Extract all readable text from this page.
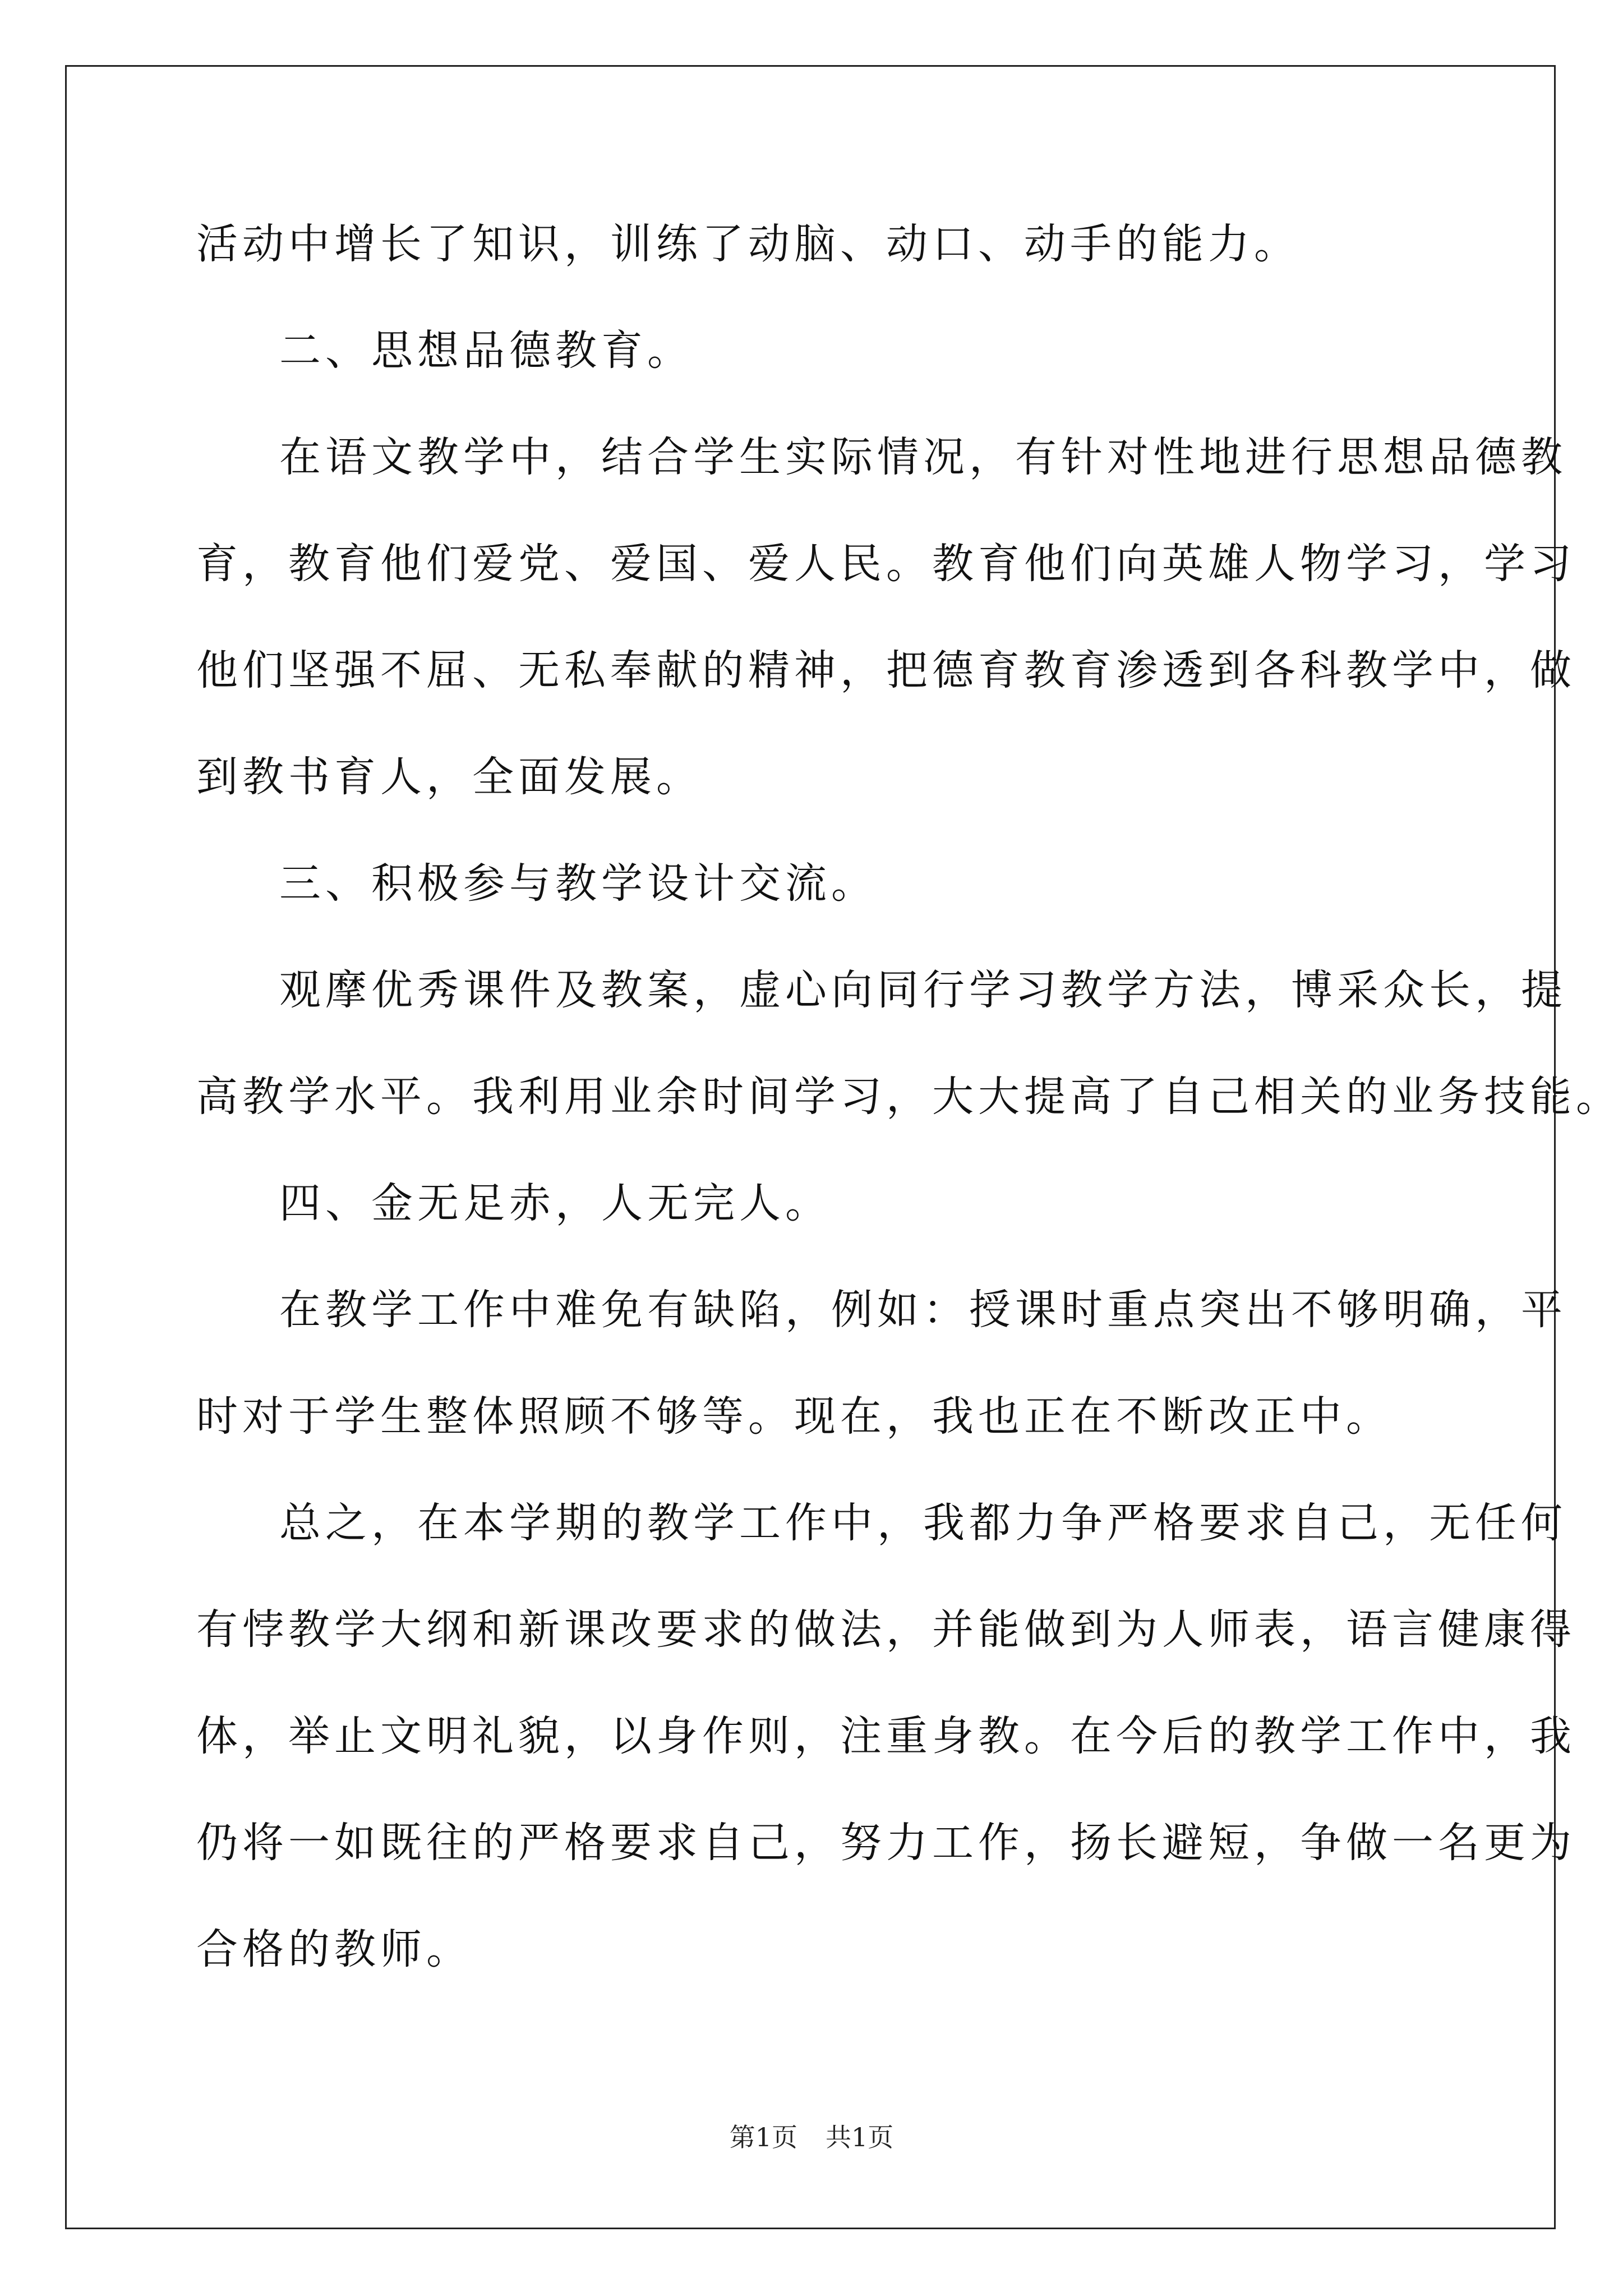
活动中增长了知识，训练了动脑、动口、动手的能力。
二、思想品德教育。
在语文教学中，结合学生实际情况，有针对性地进行思想品德教
育，教育他们爱党、爱国、爱人民。教育他们向英雄人物学习，学习
他们坚强不屈、无私奉献的精神，把德育教育渗透到各科教学中，做
到教书育人，全面发展。
三、积极参与教学设计交流。
观摩优秀课件及教案，虚心向同行学习教学方法，博采众长，提
高教学水平。我利用业余时间学习，大大提高了自己相关的业务技能。
四、金无足赤，人无完人。
在教学工作中难免有缺陷，例如：授课时重点突出不够明确，平
时对于学生整体照顾不够等。现在，我也正在不断改正中。
总之，在本学期的教学工作中，我都力争严格要求自己，无任何
有悖教学大纲和新课改要求的做法，并能做到为人师表，语言健康得
体，举止文明礼貌，以身作则，注重身教。在今后的教学工作中，我
仍将一如既往的严格要求自己，努力工作，扬长避短，争做一名更为
合格的教师。
第1页 共1页
